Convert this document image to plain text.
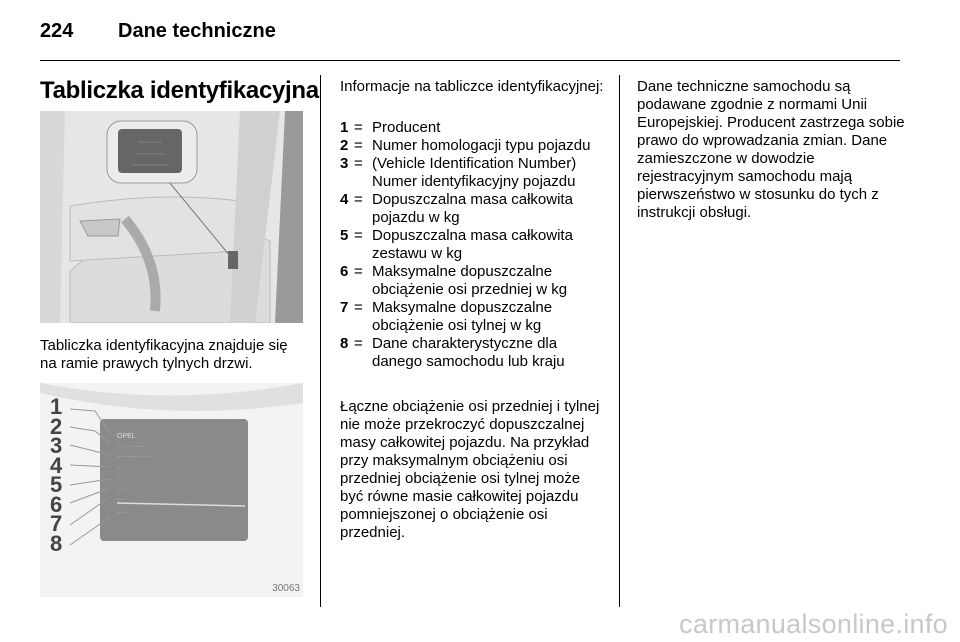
224 Dane techniczne
Tabliczka identyfikacyjna
⋯⋯⋯⋯
⋯⋯⋯⋯⋯
⋯⋯⋯⋯⋯⋯
Tabliczka identyfikacyjna znajduje się na ramie prawych tylnych drzwi.
OPEL
·· ··· ···· ·····
···· ······· ·······
····
····
·····
·····
·····
1
2
3
4
5
6
7
8
30063
Informacje na tabliczce identyfikacyjnej:
1 = Producent
2 = Numer homologacji typu pojazdu
3 = (Vehicle Identification Number) Numer identyfikacyjny pojazdu
4 = Dopuszczalna masa całkowita pojazdu w kg
5 = Dopuszczalna masa całkowita zestawu w kg
6 = Maksymalne dopuszczalne obciążenie osi przedniej w kg
7 = Maksymalne dopuszczalne obciążenie osi tylnej w kg
8 = Dane charakterystyczne dla danego samochodu lub kraju
Łączne obciążenie osi przedniej i tylnej nie może przekroczyć dopuszczalnej masy całkowitej pojazdu. Na przykład przy maksymalnym obciążeniu osi przedniej obciążenie osi tylnej może być równe masie całkowitej pojazdu pomniejszonej o obciążenie osi przedniej.
Dane techniczne samochodu są podawane zgodnie z normami Unii Europejskiej. Producent zastrzega sobie prawo do wprowadzania zmian. Dane zamieszczone w dowodzie rejestracyjnym samochodu mają pierwszeństwo w stosunku do tych z instrukcji obsługi.
carmanualsonline.info
